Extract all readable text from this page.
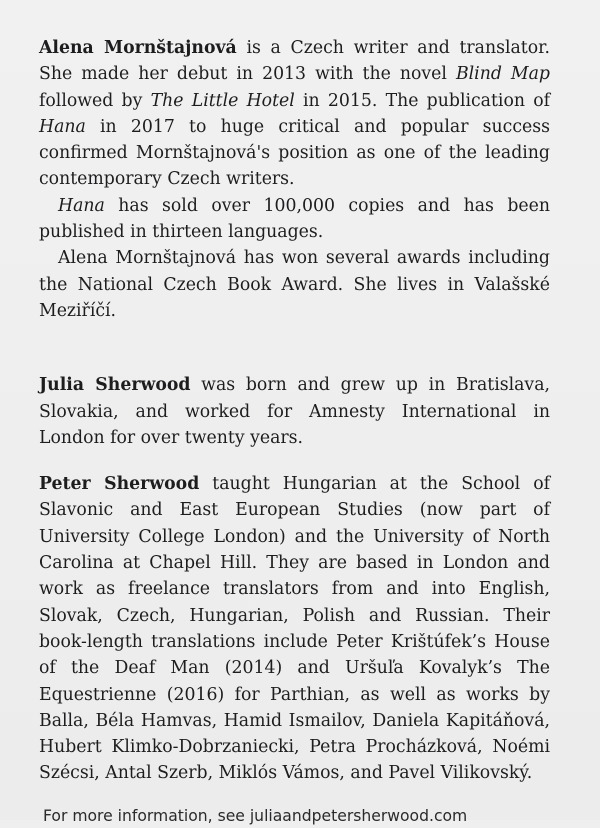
Alena Mornštajnová is a Czech writer and translator. She made her debut in 2013 with the novel Blind Map followed by The Little Hotel in 2015. The publication of Hana in 2017 to huge critical and popular success confirmed Mornštajnová's position as one of the leading contemporary Czech writers.

Hana has sold over 100,000 copies and has been published in thirteen languages.

Alena Mornštajnová has won several awards including the National Czech Book Award. She lives in Valašské Meziříčí.

Julia Sherwood was born and grew up in Bratislava, Slovakia, and worked for Amnesty International in London for over twenty years.

Peter Sherwood taught Hungarian at the School of Slavonic and East European Studies (now part of University College London) and the University of North Carolina at Chapel Hill. They are based in London and work as freelance translators from and into English, Slovak, Czech, Hungarian, Polish and Russian. Their book-length translations include Peter Krištúfek’s House of the Deaf Man (2014) and Uršuľa Kovalyk’s The Equestrienne (2016) for Parthian, as well as works by Balla, Béla Hamvas, Hamid Ismailov, Daniela Kapitáňová, Hubert Klimko-Dobrzaniecki, Petra Procházková, Noémi Szécsi, Antal Szerb, Miklós Vámos, and Pavel Vilikovský.

For more information, see juliaandpetersherwood.com
